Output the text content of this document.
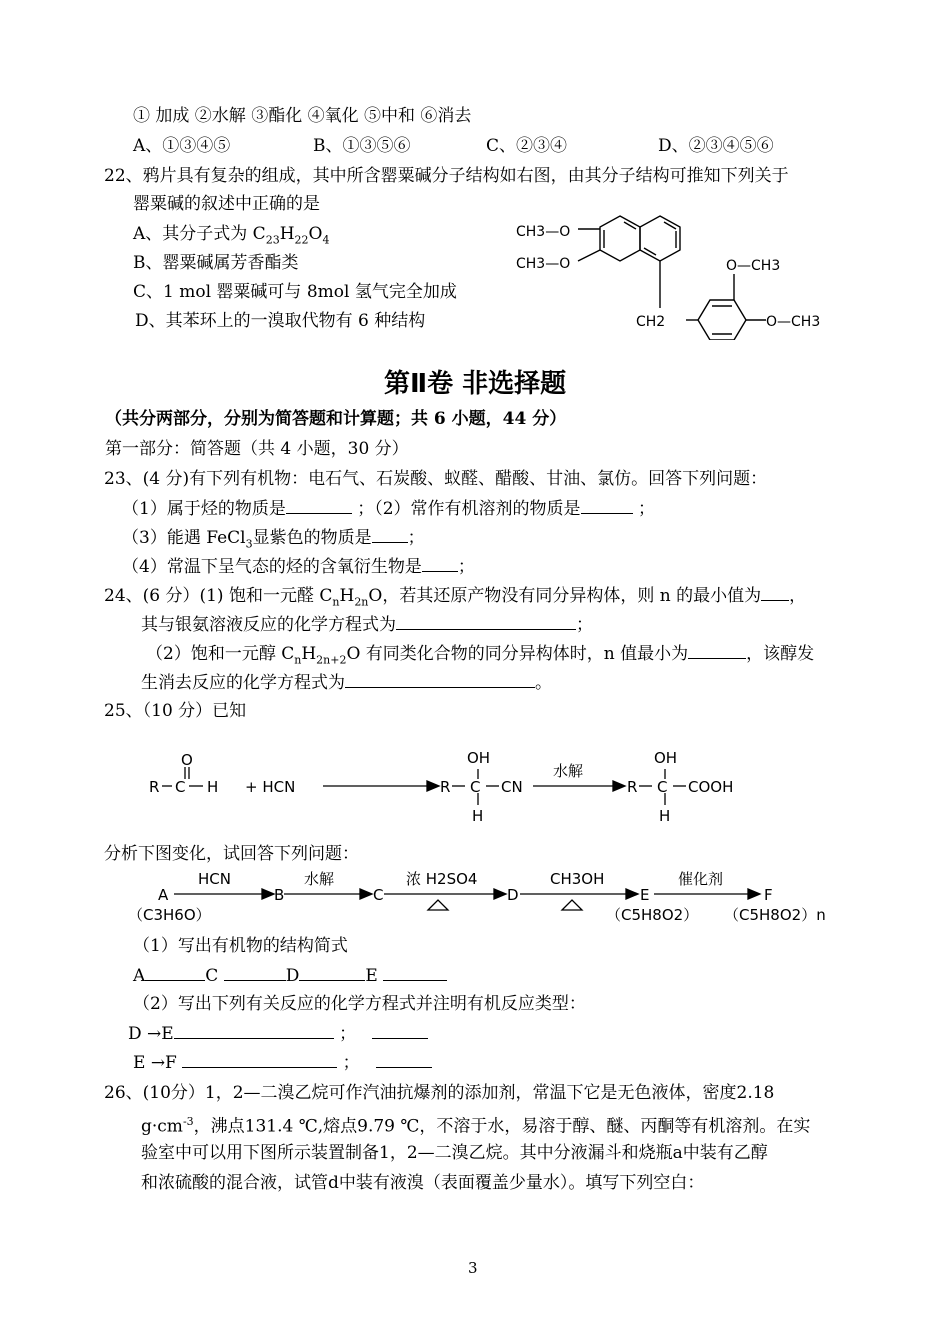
① 加成 ②水解 ③酯化 ④氧化 ⑤中和 ⑥消去
A、①③④⑤	B、①③⑤⑥	C、②③④	D、②③④⑤⑥
22、鸦片具有复杂的组成，其中所含罂粟碱分子结构如右图，由其分子结构可推知下列关于
罂粟碱的叙述中正确的是
A、其分子式为 $C_{23}H_{22}O_4$
B、罂粟碱属芳香酯类
C、1 mol 罂粟碱可与 8mol 氢气完全加成
D、其苯环上的一溴取代物有 6 种结构
CH3—O
CH3—O	O—CH3
O—CH3
CH2
第Ⅱ卷 非选择题
（共分两部分，分别为简答题和计算题；共 6 小题，44 分）
第一部分：简答题（共 4 小题，30 分）
23、(4 分)有下列有机物：电石气、石炭酸、蚁醛、醋酸、甘油、氯仿。回答下列问题：
（1）属于烃的物质是	；（2）常作有机溶剂的物质是	；
（3）能遇 FeCl$_3$显紫色的物质是 ；
（4）常温下呈气态的烃的含氧衍生物是 ；
24、(6 分）(1) 饱和一元醛 $C_nH_{2n}O$，若其还原产物没有同分异构体，则 n 的最小值为 ，
其与银氨溶液反应的化学方程式为	；
（2）饱和一元醇 $C_nH_{2n+2}O$ 有同类化合物的同分异构体时，n 值最小为	，该醇发
生消去反应的化学方程式为	。
25、（10 分）已知
R
O
C H + HCN	R
OH
C
H
CN
水解
R
OH
C
H
COOH
分析下图变化，试回答下列问题：
A
（C3H6O）
B	C	D	E
（C5H8O2）
F
（C5H8O2）n
HCN	水解	浓 H2SO4	CH3OH	催化剂
（1）写出有机物的结构简式
A	C	D	E
（2）写出下列有关反应的化学方程式并注明有机反应类型：
D →E	；
E →F	；
26、(10分）1，2—二溴乙烷可作汽油抗爆剂的添加剂，常温下它是无色液体，密度2.18
$g\cdot cm^{-3}$，沸点131.4 ℃,熔点9.79 ℃，不溶于水，易溶于醇、醚、丙酮等有机溶剂。在实
验室中可以用下图所示装置制备1，2—二溴乙烷。其中分液漏斗和烧瓶a中装有乙醇
和浓硫酸的混合液，试管d中装有液溴（表面覆盖少量水）。填写下列空白：
3
